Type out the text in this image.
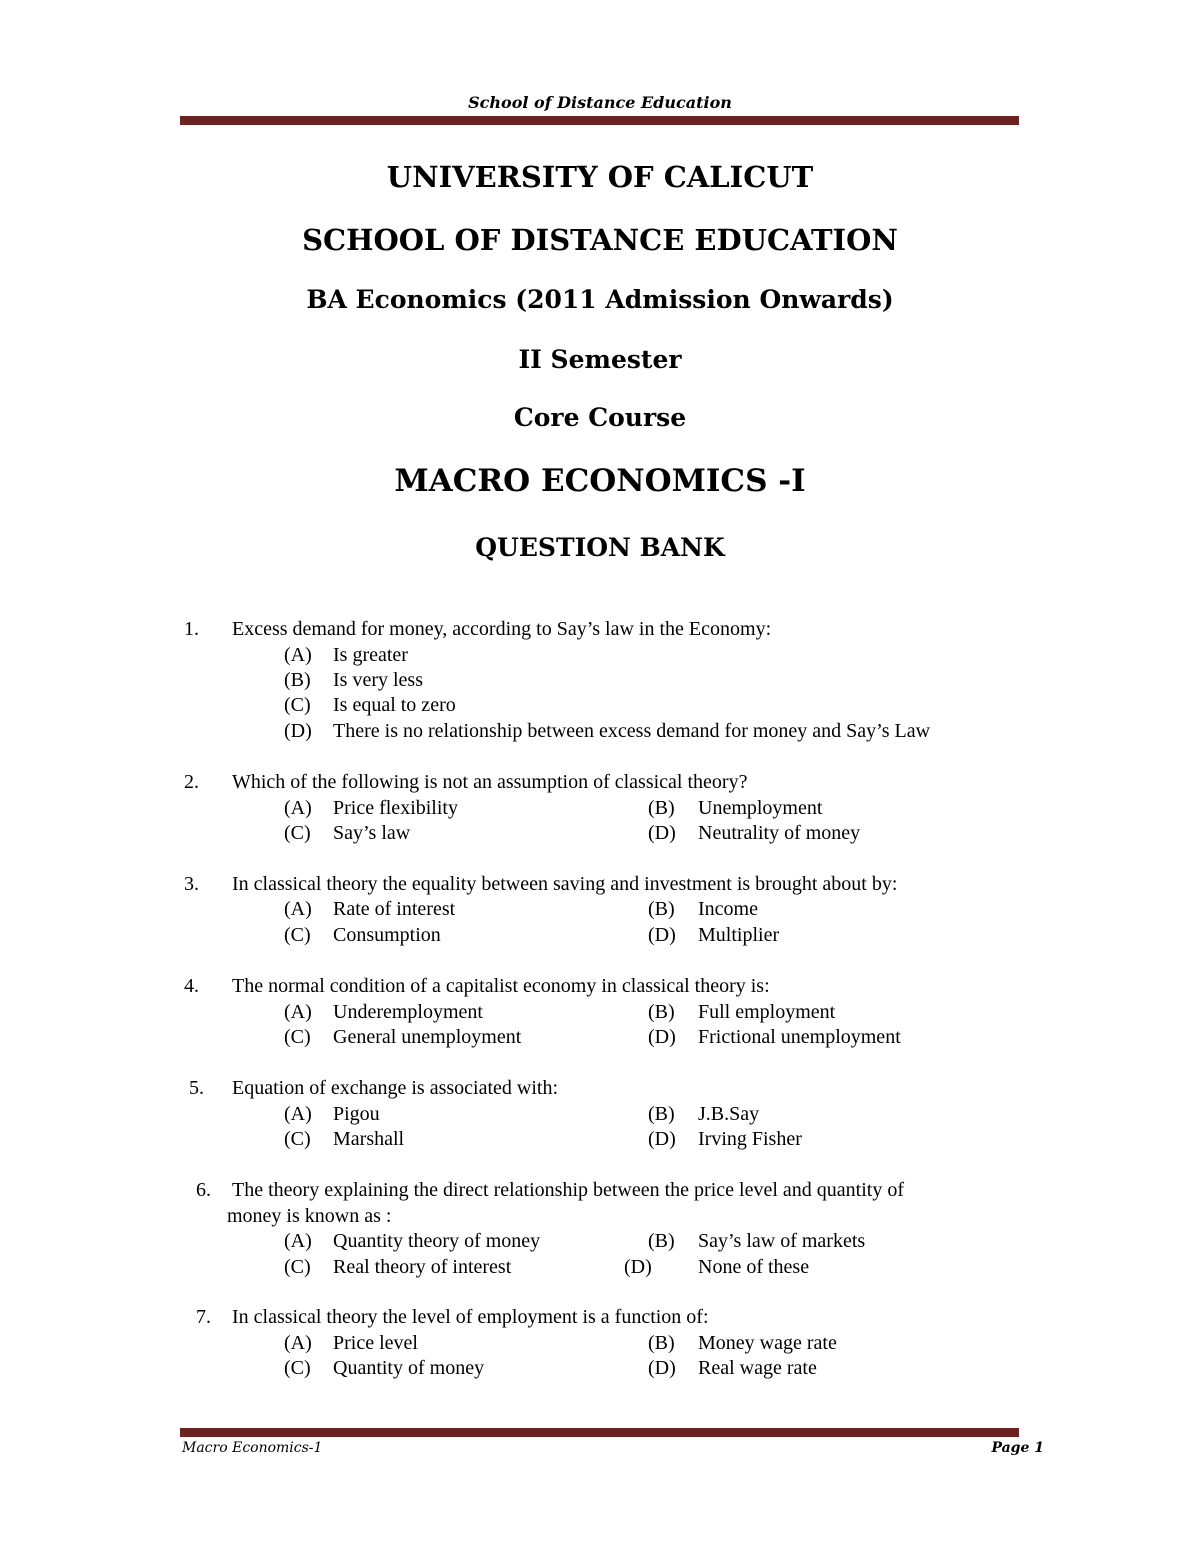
School of Distance Education
UNIVERSITY OF CALICUT
SCHOOL OF DISTANCE EDUCATION
BA Economics (2011 Admission Onwards)
II Semester
Core Course
MACRO ECONOMICS -I
QUESTION BANK
1. Excess demand for money, according to Say’s law in the Economy:
(A) Is greater
(B) Is very less
(C) Is equal to zero
(D) There is no relationship between excess demand for money and Say’s Law
2. Which of the following is not an assumption of classical theory?
(A) Price flexibility	(B) Unemployment
(C) Say’s law	(D) Neutrality of money
3. In classical theory the equality between saving and investment is brought about by:
(A) Rate of interest	(B) Income
(C) Consumption	(D) Multiplier
4. The normal condition of a capitalist economy in classical theory is:
(A) Underemployment	(B) Full employment
(C) General unemployment	(D) Frictional unemployment
5. Equation of exchange is associated with:
(A) Pigou	(B) J.B.Say
(C) Marshall	(D) Irving Fisher
6. The theory explaining the direct relationship between the price level and quantity of
money is known as :
(A) Quantity theory of money	(B) Say’s law of markets
(C) Real theory of interest	(D) None of these
7. In classical theory the level of employment is a function of:
(A) Price level	(B) Money wage rate
(C) Quantity of money	(D) Real wage rate
Macro Economics-1	Page 1
